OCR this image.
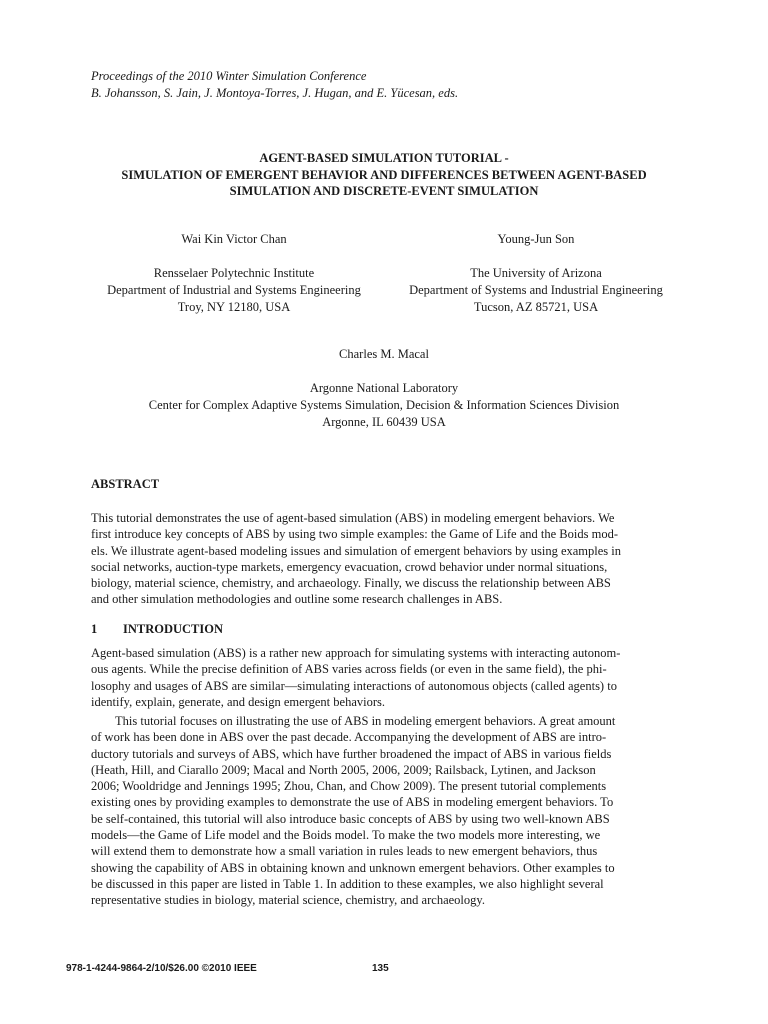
Proceedings of the 2010 Winter Simulation Conference
B. Johansson, S. Jain, J. Montoya-Torres, J. Hugan, and E. Yücesan, eds.
AGENT-BASED SIMULATION TUTORIAL -
SIMULATION OF EMERGENT BEHAVIOR AND DIFFERENCES BETWEEN AGENT-BASED
SIMULATION AND DISCRETE-EVENT SIMULATION
Wai Kin Victor Chan
Rensselaer Polytechnic Institute
Department of Industrial and Systems Engineering
Troy, NY 12180, USA
Young-Jun Son
The University of Arizona
Department of Systems and Industrial Engineering
Tucson, AZ 85721, USA
Charles M. Macal
Argonne National Laboratory
Center for Complex Adaptive Systems Simulation, Decision & Information Sciences Division
Argonne, IL 60439 USA
ABSTRACT
This tutorial demonstrates the use of agent-based simulation (ABS) in modeling emergent behaviors. We
first introduce key concepts of ABS by using two simple examples: the Game of Life and the Boids mod-
els. We illustrate agent-based modeling issues and simulation of emergent behaviors by using examples in
social networks, auction-type markets, emergency evacuation, crowd behavior under normal situations,
biology, material science, chemistry, and archaeology. Finally, we discuss the relationship between ABS
and other simulation methodologies and outline some research challenges in ABS.
1 INTRODUCTION
Agent-based simulation (ABS) is a rather new approach for simulating systems with interacting autonom-
ous agents. While the precise definition of ABS varies across fields (or even in the same field), the phi-
losophy and usages of ABS are similar—simulating interactions of autonomous objects (called agents) to
identify, explain, generate, and design emergent behaviors.
This tutorial focuses on illustrating the use of ABS in modeling emergent behaviors. A great amount
of work has been done in ABS over the past decade. Accompanying the development of ABS are intro-
ductory tutorials and surveys of ABS, which have further broadened the impact of ABS in various fields
(Heath, Hill, and Ciarallo 2009; Macal and North 2005, 2006, 2009; Railsback, Lytinen, and Jackson
2006; Wooldridge and Jennings 1995; Zhou, Chan, and Chow 2009). The present tutorial complements
existing ones by providing examples to demonstrate the use of ABS in modeling emergent behaviors. To
be self-contained, this tutorial will also introduce basic concepts of ABS by using two well-known ABS
models—the Game of Life model and the Boids model. To make the two models more interesting, we
will extend them to demonstrate how a small variation in rules leads to new emergent behaviors, thus
showing the capability of ABS in obtaining known and unknown emergent behaviors. Other examples to
be discussed in this paper are listed in Table 1. In addition to these examples, we also highlight several
representative studies in biology, material science, chemistry, and archaeology.
978-1-4244-9864-2/10/$26.00 ©2010 IEEE	135
